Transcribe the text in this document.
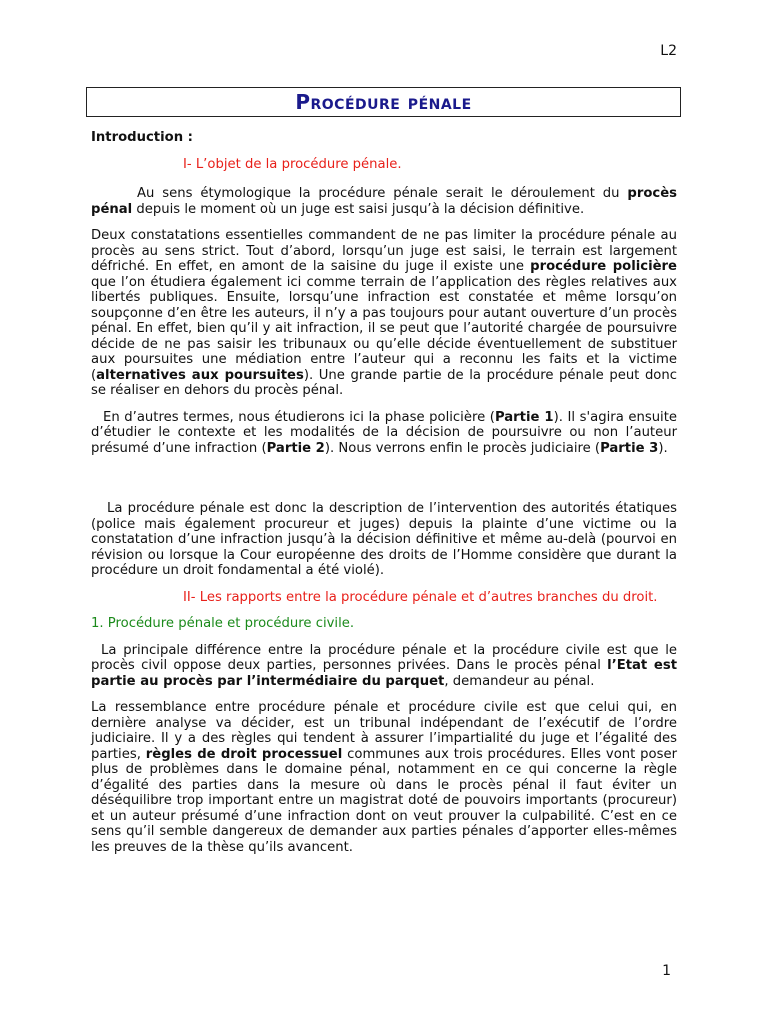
L2
Procédure pénale

Introduction :

I- L’objet de la procédure pénale.

Au sens étymologique la procédure pénale serait le déroulement du procès pénal depuis le moment où un juge est saisi jusqu’à la décision définitive.

Deux constatations essentielles commandent de ne pas limiter la procédure pénale au procès au sens strict. Tout d’abord, lorsqu’un juge est saisi, le terrain est largement défriché. En effet, en amont de la saisine du juge il existe une procédure policière que l’on étudiera également ici comme terrain de l’application des règles relatives aux libertés publiques. Ensuite, lorsqu’une infraction est constatée et même lorsqu’on soupçonne d’en être les auteurs, il n’y a pas toujours pour autant ouverture d’un procès pénal. En effet, bien qu’il y ait infraction, il se peut que l’autorité chargée de poursuivre décide de ne pas saisir les tribunaux ou qu’elle décide éventuellement de substituer aux poursuites une médiation entre l’auteur qui a reconnu les faits et la victime (alternatives aux poursuites). Une grande partie de la procédure pénale peut donc se réaliser en dehors du procès pénal.

En d’autres termes, nous étudierons ici la phase policière (Partie 1). Il s'agira ensuite d’étudier le contexte et les modalités de la décision de poursuivre ou non l’auteur présumé d’une infraction (Partie 2). Nous verrons enfin le procès judiciaire (Partie 3).

La procédure pénale est donc la description de l’intervention des autorités étatiques (police mais également procureur et juges) depuis la plainte d’une victime ou la constatation d’une infraction jusqu’à la décision définitive et même au-delà (pourvoi en révision ou lorsque la Cour européenne des droits de l’Homme considère que durant la procédure un droit fondamental a été violé).

II- Les rapports entre la procédure pénale et d’autres branches du droit.

1. Procédure pénale et procédure civile.

La principale différence entre la procédure pénale et la procédure civile est que le procès civil oppose deux parties, personnes privées. Dans le procès pénal l’Etat est partie au procès par l’intermédiaire du parquet, demandeur au pénal.

La ressemblance entre procédure pénale et procédure civile est que celui qui, en dernière analyse va décider, est un tribunal indépendant de l’exécutif de l’ordre judiciaire. Il y a des règles qui tendent à assurer l’impartialité du juge et l’égalité des parties, règles de droit processuel communes aux trois procédures. Elles vont poser plus de problèmes dans le domaine pénal, notamment en ce qui concerne la règle d’égalité des parties dans la mesure où dans le procès pénal il faut éviter un déséquilibre trop important entre un magistrat doté de pouvoirs importants (procureur) et un auteur présumé d’une infraction dont on veut prouver la culpabilité. C’est en ce sens qu’il semble dangereux de demander aux parties pénales d’apporter elles-mêmes les preuves de la thèse qu’ils avancent.

1
